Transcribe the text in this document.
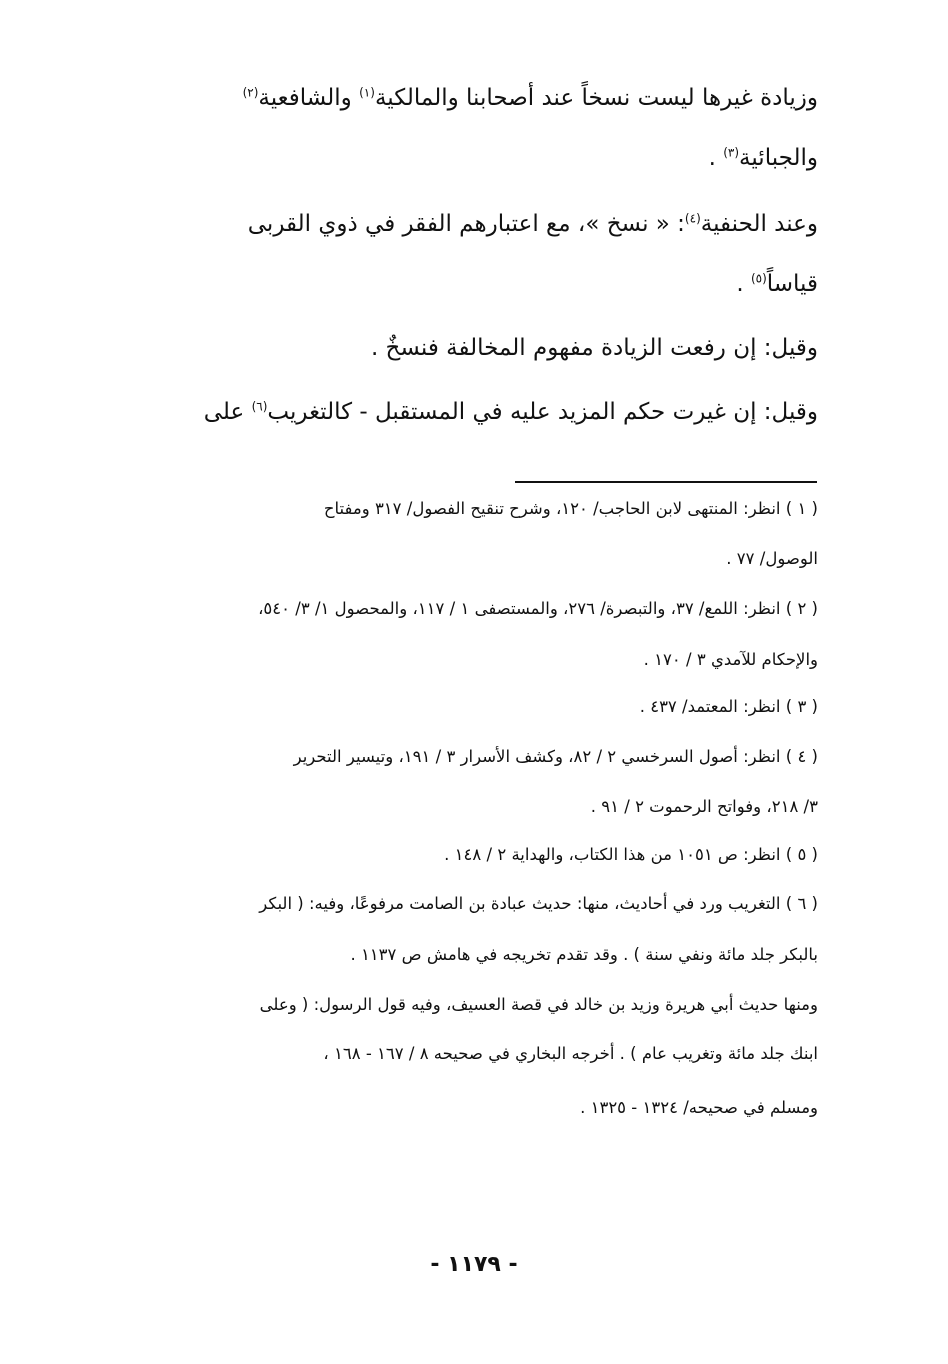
وزيادة غيرها ليست نسخاً عند أصحابنا والمالكية$^{(١)}$ والشافعية$^{(٢)}$
والجبائية$^{(٣)}$ .
وعند الحنفية$^{(٤)}$: « نسخ »، مع اعتبارهم الفقر في ذوي القربى
قياساً$^{(٥)}$ .
وقيل: إن رفعت الزيادة مفهوم المخالفة فنسخٌ .
وقيل: إن غيرت حكم المزيد عليه في المستقبل - كالتغريب$^{(٦)}$ على
( ١ ) انظر: المنتهى لابن الحاجب/ ١٢٠، وشرح تنقيح الفصول/ ٣١٧ ومفتاح
الوصول/ ٧٧ .
( ٢ ) انظر: اللمع/ ٣٧، والتبصرة/ ٢٧٦، والمستصفى ١ / ١١٧، والمحصول ١/ ٣/ ٥٤٠،
والإحكام للآمدي ٣ / ١٧٠ .
( ٣ ) انظر: المعتمد/ ٤٣٧ .
( ٤ ) انظر: أصول السرخسي ٢ / ٨٢، وكشف الأسرار ٣ / ١٩١، وتيسير التحرير
٣/ ٢١٨، وفواتح الرحموت ٢ / ٩١ .
( ٥ ) انظر: ص ١٠٥١ من هذا الكتاب، والهداية ٢ / ١٤٨ .
( ٦ ) التغريب ورد في أحاديث، منها: حديث عبادة بن الصامت مرفوعًا، وفيه: ( البكر
بالبكر جلد مائة ونفي سنة ) . وقد تقدم تخريجه في هامش ص ١١٣٧ .
ومنها حديث أبي هريرة وزيد بن خالد في قصة العسيف، وفيه قول الرسول: ( وعلى
ابنك جلد مائة وتغريب عام ) . أخرجه البخاري في صحيحه ٨ / ١٦٧ - ١٦٨ ،
ومسلم في صحيحه/ ١٣٢٤ - ١٣٢٥ .
- ١١٧٩ -
